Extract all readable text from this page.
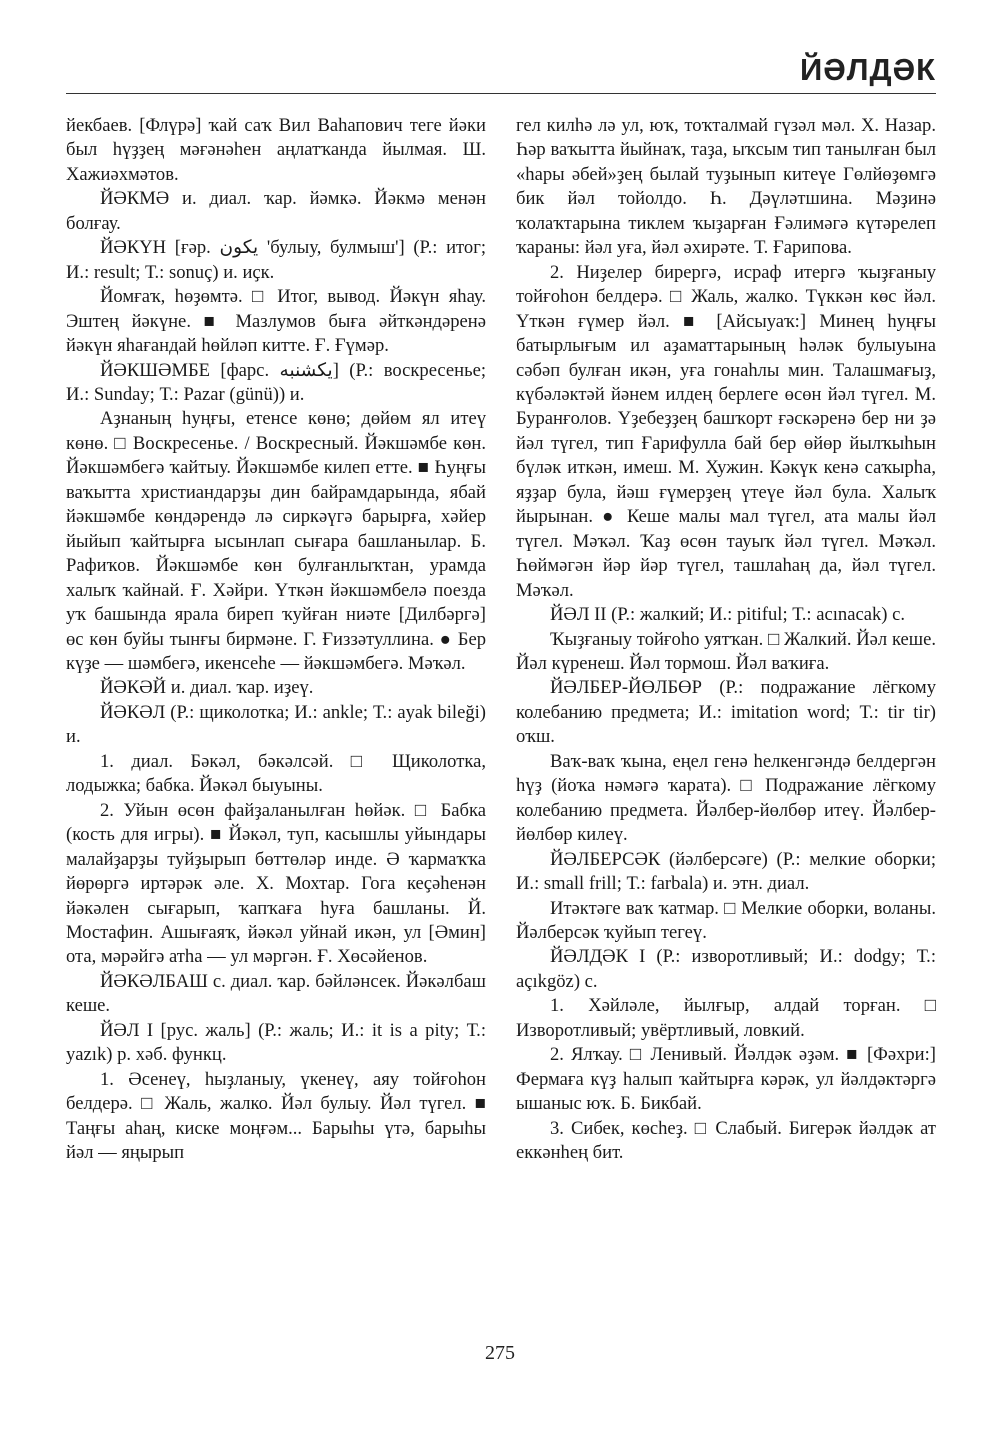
ЙӘЛДӘК

йекбаев. [Флүрә] ҡай саҡ Вил Ваһапович теге йәки был һүҙҙең мәғәнәһен аңлатҡанда йылмая. Ш. Хажиәхмәтов.

ЙӘКМӘ и. диал. ҡар. йәмкә. Йәкмә менән болғау.

ЙӘКҮН [ғәр. يكون 'булыу, булмыш'] (Р.: итог; И.: result; Т.: sonuç) и. иҫк.

Йомғаҡ, һөҙөмтә. □ Итог, вывод. Йәкүн яһау. Эштең йәкүне. ■ Мазлумов быға әйткәндәренә йәкүн яһағандай һөйләп китте. Ғ. Ғүмәр.

ЙӘКШӘМБЕ [фарс. يكشنبه] (Р.: воскресенье; И.: Sunday; Т.: Pazar (günü)) и.

Аҙнаның һуңғы, етенсе көнө; дөйөм ял итеү көнө. □ Воскресенье. / Воскресный. Йәкшәмбе көн. Йәкшәмбегә ҡайтыу. Йәкшәмбе килеп етте. ■ Һуңғы ваҡытта христиандарҙы дин байрамдарында, ябай йәкшәмбе көндәрендә лә сиркәүгә барырға, хәйер йыйып ҡайтырға ысынлап сығара башланылар. Б. Рафиҡов. Йәкшәмбе көн булғанлыҡтан, урамда халыҡ ҡайнай. Ғ. Хәйри. Үткән йәкшәмбелә поезда уҡ башында ярала биреп ҡуйған ниәте [Дилбәргә] өс көн буйы тынғы бирмәне. Г. Ғиззәтуллина. ● Бер күҙе — шәмбегә, икенсеһе — йәкшәмбегә. Мәҡәл.

ЙӘКӘЙ и. диал. ҡар. иҙеү.

ЙӘКӘЛ (Р.: щиколотка; И.: ankle; Т.: ayak bileği) и.

1. диал. Бәкәл, бәкәлсәй. □ Щиколотка, лодыжка; бабка. Йәкәл быуыны.

2. Уйын өсөн файҙаланылған һөйәк. □ Бабка (кость для игры). ■ Йәкәл, туп, касышлы уйындары малайҙарҙы туйҙырып бөттөләр инде. Ә ҡармаҡҡа йөрөргә иртәрәк әле. Х. Мохтар. Гога кеҫәһенән йәкәлен сығарып, ҡапҡаға һуға башланы. Й. Мостафин. Ашығаяҡ, йәкәл уйнай икән, ул [Әмин] ота, мәрәйгә атһа — ул мәргән. Ғ. Хөсәйенов.

ЙӘКӘЛБАШ с. диал. ҡар. бәйләнсек. Йәкәлбаш кеше.

ЙӘЛ I [рус. жаль] (Р.: жаль; И.: it is a pity; Т.: yazık) р. хәб. функц.

1. Әсенеү, һыҙланыу, үкенеү, аяу тойғоһон белдерә. □ Жаль, жалко. Йәл булыу. Йәл түгел. ■ Таңғы аһаң, киске моңғәм... Барыһы үтә, барыһы йәл — яңырып

гел килһә лә ул, юҡ, тоҡталмай гүзәл мәл. Х. Назар. Һәр ваҡытта йыйнаҡ, таҙа, ыҡсым тип танылған был «һары әбей»ҙең былай туҙынып китеүе Гөлйөҙөмгә бик йәл тойолдо. Һ. Дәүләтшина. Мәҙинә ҡолаҡтарына тиклем ҡыҙарған Ғәлимәгә күтәрелеп ҡараны: йәл уға, йәл әхирәте. Т. Ғарипова.

2. Ниҙелер бирергә, исраф итергә ҡыҙғаныу тойғоһон белдерә. □ Жаль, жалко. Түккән көс йәл. Үткән ғүмер йәл. ■ [Айсыуаҡ:] Минең һуңғы батырлығым ил аҙаматтарының һәләк булыуына сәбәп булған икән, уға гонаһлы мин. Талашмағыҙ, күбәләктәй йәнем илдең берлеге өсөн йәл түгел. М. Буранғолов. Үҙебеҙҙең башҡорт ғәскәренә бер ни ҙә йәл түгел, тип Ғарифулла бай бер өйөр йылҡыһын бүләк иткән, имеш. М. Хужин. Кәкүк кенә саҡырһа, яҙҙар була, йәш ғүмерҙең үтеүе йәл була. Халыҡ йырынан. ● Кеше малы мал түгел, ата малы йәл түгел. Мәҡәл. Ҡаҙ өсөн тауыҡ йәл түгел. Мәҡәл. Һөймәгән йәр йәр түгел, ташлаһаң да, йәл түгел. Мәҡәл.

ЙӘЛ II (Р.: жалкий; И.: pitiful; Т.: acınacak) с.

Ҡыҙғаныу тойғоһо уятҡан. □ Жалкий. Йәл кеше. Йәл күренеш. Йәл тормош. Йәл ваҡиға.

ЙӘЛБЕР-ЙӨЛБӨР (Р.: подражание лёгкому колебанию предмета; И.: imitation word; Т.: tir tir) оҡш.

Ваҡ-ваҡ ҡына, еңел генә һелкенгәндә белдергән һүҙ (йоҡа нәмәгә ҡарата). □ Подражание лёгкому колебанию предмета. Йәлбер-йөлбөр итеү. Йәлбер-йөлбөр килеү.

ЙӘЛБЕРСӘК (йәлберсәге) (Р.: мелкие оборки; И.: small frill; Т.: farbala) и. этн. диал.

Итәктәге ваҡ ҡатмар. □ Мелкие оборки, воланы. Йәлберсәк ҡуйып тегеү.

ЙӘЛДӘК I (Р.: изворотливый; И.: dodgy; Т.: açıkgöz) с.

1. Хәйләле, йылғыр, алдай торған. □ Изворотливый; увёртливый, ловкий.

2. Ялҡау. □ Ленивый. Йәлдәк әҙәм. ■ [Фәхри:] Фермаға күҙ һалып ҡайтырға кәрәк, ул йәлдәктәргә ышаныс юҡ. Б. Бикбай.

3. Сибек, көсһеҙ. □ Слабый. Бигерәк йәлдәк ат еккәнһең бит.

275
